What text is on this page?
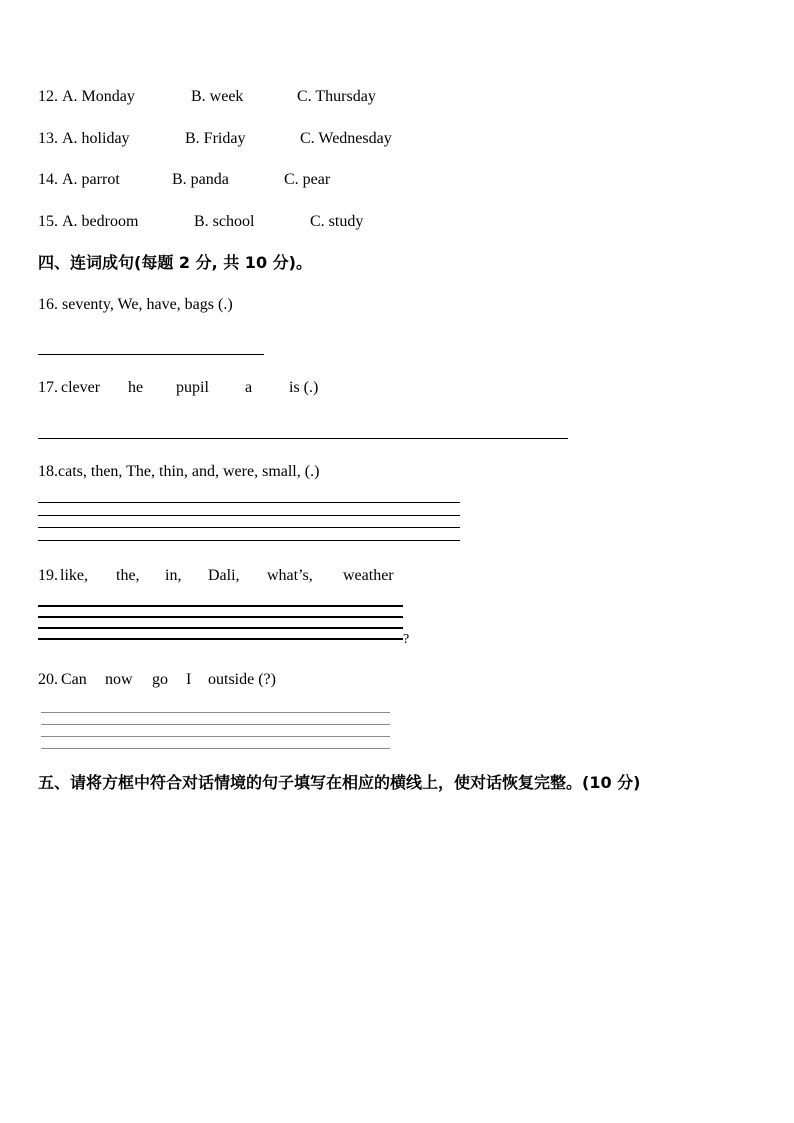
12. A. Monday	B. week	C. Thursday
13. A. holiday	B. Friday	C. Wednesday
14. A. parrot	B. panda	C. pear
15. A. bedroom	B. school	C. study
四、连词成句(每题 2 分, 共 10 分)。
16. seventy, We, have, bags (.)
17. clever he pupil a is (.)
18.cats, then, The, thin, and, were, small, (.)
19. like, the, in, Dali, what’s, weather
?
20. Can now go I outside (?)
五、请将方框中符合对话情境的句子填写在相应的横线上，使对话恢复完整。(10 分)
